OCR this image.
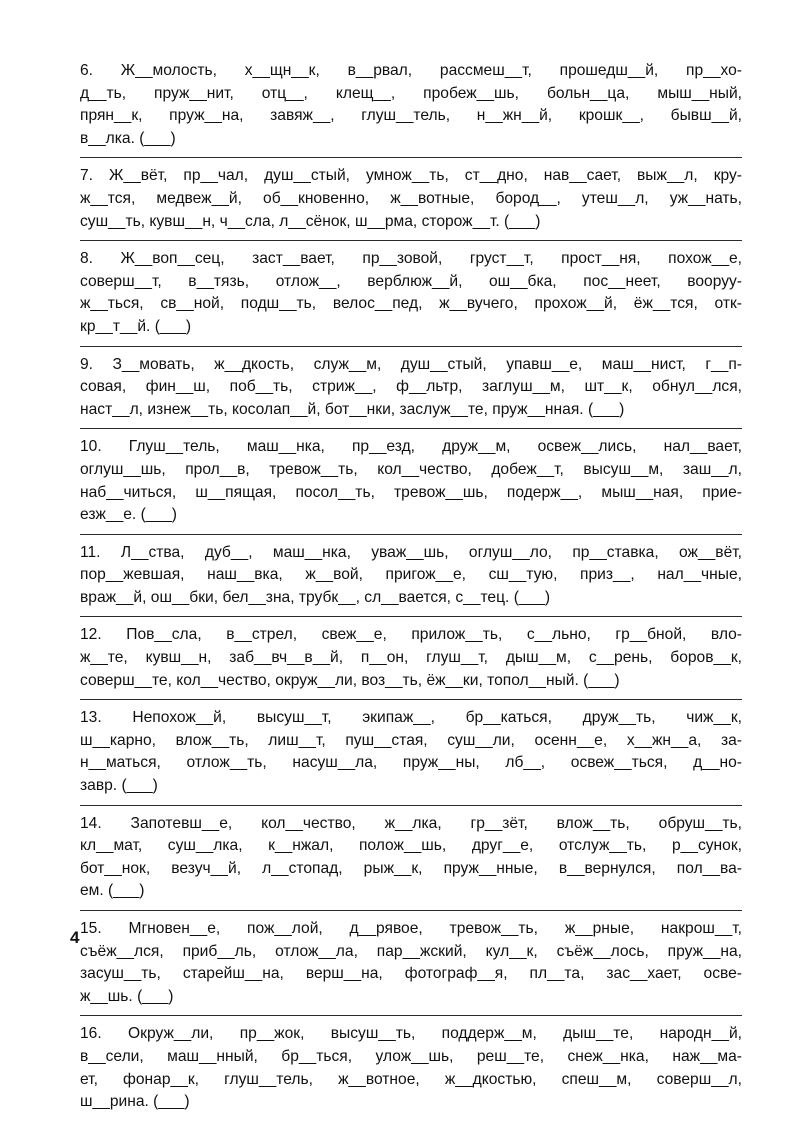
6. Ж__молость, х__щн__к, в__рвал, рассмеш__т, прошедш__й, пр__хо-
д__ть, пруж__нит, отц__, клещ__, пробеж__шь, больн__ца, мыш__ный,
прян__к, пруж__на, завяж__, глуш__тель, н__жн__й, крошк__, бывш__й,
в__лка. (___)
7. Ж__вёт, пр__чал, душ__стый, умнож__ть, ст__дно, нав__сает, выж__л, кру-
ж__тся, медвеж__й, об__кновенно, ж__вотные, бород__, утеш__л, уж__нать,
суш__ть, кувш__н, ч__сла, л__сёнок, ш__рма, сторож__т. (___)
8. Ж__воп__сец, заст__вает, пр__зовой, груст__т, прост__ня, похож__е,
соверш__т, в__тязь, отлож__, верблюж__й, ош__бка, пос__неет, вооруу-
ж__ться, св__ной, подш__ть, велос__пед, ж__вучего, прохож__й, ёж__тся, отк-
кр__т__й. (___)
9. З__мовать, ж__дкость, служ__м, душ__стый, упавш__е, маш__нист, г__п-
совая, фин__ш, поб__ть, стриж__, ф__льтр, заглуш__м, шт__к, обнул__лся,
наст__л, изнеж__ть, косолап__й, бот__нки, заслуж__те, пруж__нная. (___)
10. Глуш__тель, маш__нка, пр__езд, друж__м, освеж__лись, нал__вает,
оглуш__шь, прол__в, тревож__ть, кол__чество, добеж__т, высуш__м, заш__л,
наб__читься, ш__пящая, посол__ть, тревож__шь, подерж__, мыш__ная, прие-
езж__е. (___)
11. Л__ства, дуб__, маш__нка, уваж__шь, оглуш__ло, пр__ставка, ож__вёт,
пор__жевшая, наш__вка, ж__вой, пригож__е, сш__тую, приз__, нал__чные,
враж__й, ош__бки, бел__зна, трубк__, сл__вается, с__тец. (___)
12. Пов__сла, в__стрел, свеж__е, прилож__ть, с__льно, гр__бной, вло-
ж__те, кувш__н, заб__вч__в__й, п__он, глуш__т, дыш__м, с__рень, боров__к,
соверш__те, кол__чество, окруж__ли, воз__ть, ёж__ки, топол__ный. (___)
13. Непохож__й, высуш__т, экипаж__, бр__каться, друж__ть, чиж__к,
ш__карно, влож__ть, лиш__т, пуш__стая, суш__ли, осенн__е, х__жн__а, за-
н__маться, отлож__ть, насуш__ла, пруж__ны, лб__, освеж__ться, д__но-
завр. (___)
14. Запотевш__е, кол__чество, ж__лка, гр__зёт, влож__ть, обруш__ть,
кл__мат, суш__лка, к__нжал, полож__шь, друг__е, отслуж__ть, р__сунок,
бот__нок, везуч__й, л__стопад, рыж__к, пруж__нные, в__вернулся, пол__ва-
ем. (___)
15. Мгновен__е, пож__лой, д__рявое, тревож__ть, ж__рные, накрош__т,
съёж__лся, приб__ль, отлож__ла, пар__жский, кул__к, съёж__лось, пруж__на,
засуш__ть, старейш__на, верш__на, фотограф__я, пл__та, зас__хает, осве-
ж__шь. (___)
16. Окруж__ли, пр__жок, высуш__ть, поддерж__м, дыш__те, народн__й,
в__сели, маш__нный, бр__ться, улож__шь, реш__те, снеж__нка, наж__ма-
ет, фонар__к, глуш__тель, ж__вотное, ж__дкостью, спеш__м, соверш__л,
ш__рина. (___)
4
